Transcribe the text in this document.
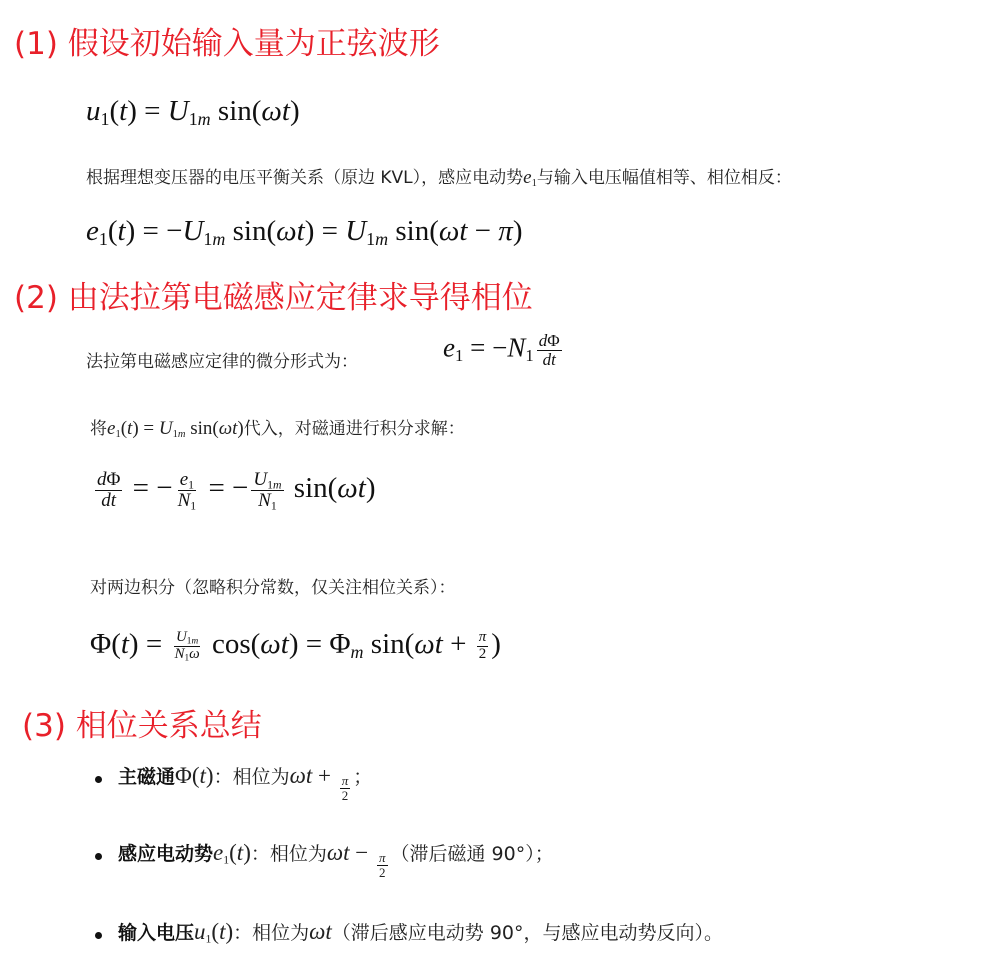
(1) 假设初始输入量为正弦波形
$u_1(t) = U_{1m}$ sin(ωt)
根据理想变压器的电压平衡关系（原边 KVL），感应电动势$e_1$与输入电压幅值相等、相位相反：
$e_1(t) = -U_{1m}$ $\sin(\omega t) = U_{1m}$ sin(ωt − π)
(2) 由法拉第电磁感应定律求导得相位
法拉第电磁感应定律的微分形式为：	$e_1 = -N_1 \frac{d\Phi}{dt}$
将$e_1(t) = U_{1m}$ sin(ωt)代入，对磁通进行积分求解：
$\frac{d\Phi}{dt}$ = − $\frac{e_1}{N_1}$ = − $\frac{U_{1m}}{N_1} \sin(\omega t)$
对两边积分（忽略积分常数，仅关注相位关系）：
$\Phi(t) = \frac{U_{1m}}{N_1\omega} \cos(\omega t) = \Phi_m$ $\sin(\omega t + \frac{\pi}{2}$ )
(3) 相位关系总结
主磁通Φ(t)：相位为$\omega t + \frac{\pi}{2}$ ；
感应电动势$e_1(t)$：相位为$\omega t - \frac{\pi}{2}$ （滞后磁通 90°）；
输入电压$u_1(t)$：相位为ωt（滞后感应电动势 90°，与感应电动势反向）。
